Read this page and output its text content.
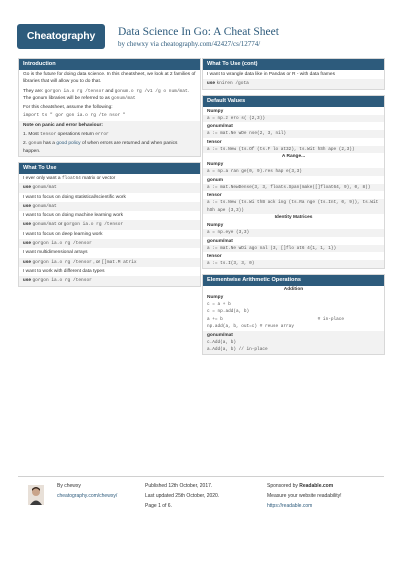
Cheatography	Data Science In Go: A Cheat Sheet
by chewxy via cheatography.com/42427/cs/12774/
Introduction
Go is the future for doing data science. In this cheatsheet, we look at 2 families of libraries that will allow you to do that.
They are: gorgon ia.o rg /tensor and gonum.o rg /v1 /g o num/mat. The gonum libraries will be referred to as gonum/mat
For this cheatsheet, assume the following:
import ts " gor gon ia.o rg /te nsor "
Note on panic and error behaviour:
1. Most tensor operations return error
2. gonum has a good policy of when errors are returned and when panics happen.
What To Use
I ever only want a float64 matrix or vector
use gonum/mat
I want to focus on doing statistical/scientific work
use gonum/mat
I want to focus on doing machine learning work
use gonum/mat or gorgon ia.o rg /tensor
I want to focus on deep learning work
use gorgon ia.o rg /tensor
I want multidimensional arrays
use gorgon ia.o rg /tensor , or []mat.M atrix
I want to work with different data types
use gorgon ia.o rg /tensor
What To Use (cont)
I want to wrangle data like in Pandas or R - with data frames
use kniren /gota
Default Values
Numpy
a = np.z ero s( (2,3))
gonum/mat
a := mat.Ne wDe nse(2, 3, nil)
tensor
a := ts.New (ts.Of (ts.F lo at32), ts.Wit hSh ape (2,3))
A Range...
Numpy
a = np.a ran ge(0, 9).res hap e(3,3)
gonum
a := mat.NewDense(3, 3, floats.Span(make([]float64, 9), 0, 8))
tensor
a := ts.New (ts.Wi thB ack ing (ts.Ra nge (ts.Int, 0, 9)), ts.Wit hSh ape (3,3))
Identity Matrices
Numpy
a = np.eye (3,3)
gonum/mat
a := mat.Ne wDi ago nal (3, []flo at6 4{1, 1, 1})
tensor
a := ts.I(3, 3, 0)
Elementwise Arithmetic Operations
Addition
Numpy
c = a + b
c = np.add(a, b)
a += b                                    # in-place
np.add(a, b, out=c) # reuse array
gonum/mat
c.Add(a, b)
a.Add(a, b) // in-place
By chewxy
cheatography.com/chewxy/
Published 12th October, 2017.
Last updated 25th October, 2020.
Page 1 of 6.
Sponsored by Readable.com
Measure your website readability!
https://readable.com
